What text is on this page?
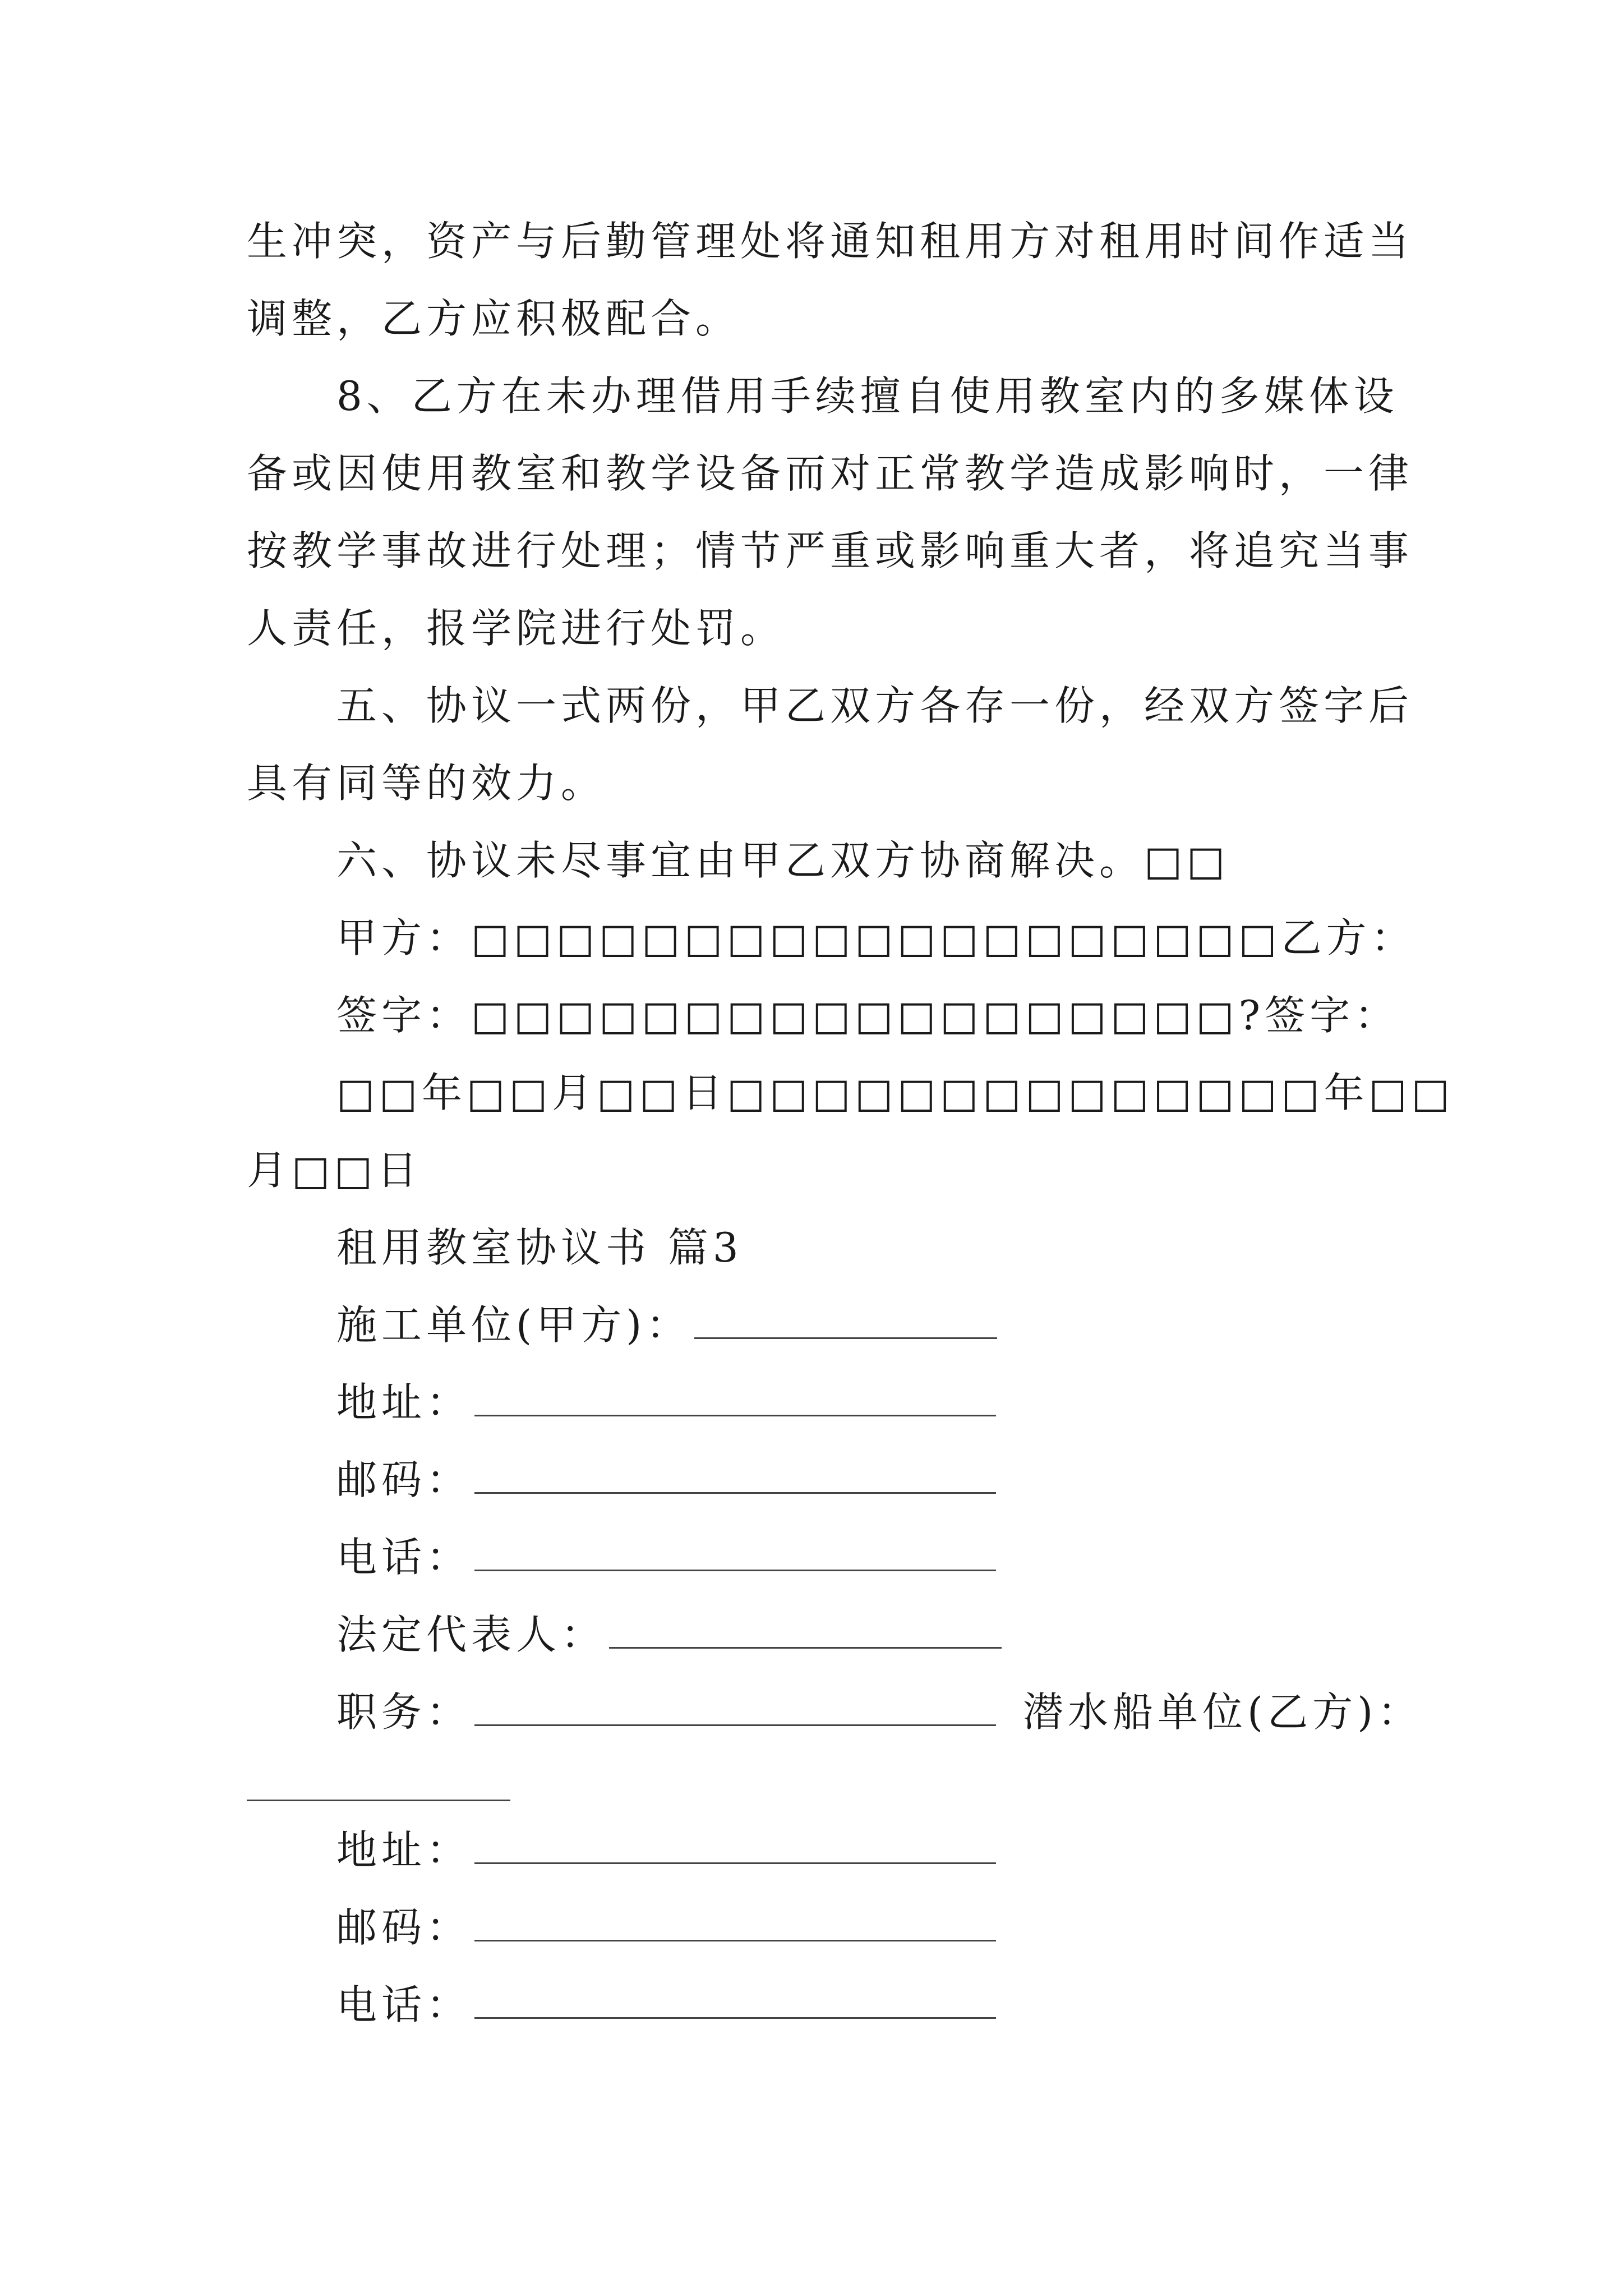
生冲突，资产与后勤管理处将通知租用方对租用时间作适当
调整，乙方应积极配合。
8、乙方在未办理借用手续擅自使用教室内的多媒体设
备或因使用教室和教学设备而对正常教学造成影响时，一律
按教学事故进行处理；情节严重或影响重大者，将追究当事
人责任，报学院进行处罚。
五、协议一式两份，甲乙双方各存一份，经双方签字后
具有同等的效力。
六、协议未尽事宜由甲乙双方协商解决。□□
甲方：□□□□□□□□□□□□□□□□□□□乙方：
签字：□□□□□□□□□□□□□□□□□□?签字：
□□年□□月□□日□□□□□□□□□□□□□□年□□
月□□日
租用教室协议书 篇3
施工单位(甲方)：
地址：
邮码：
电话：
法定代表人：
职务：	潜水船单位(乙方)：
地址：
邮码：
电话：
